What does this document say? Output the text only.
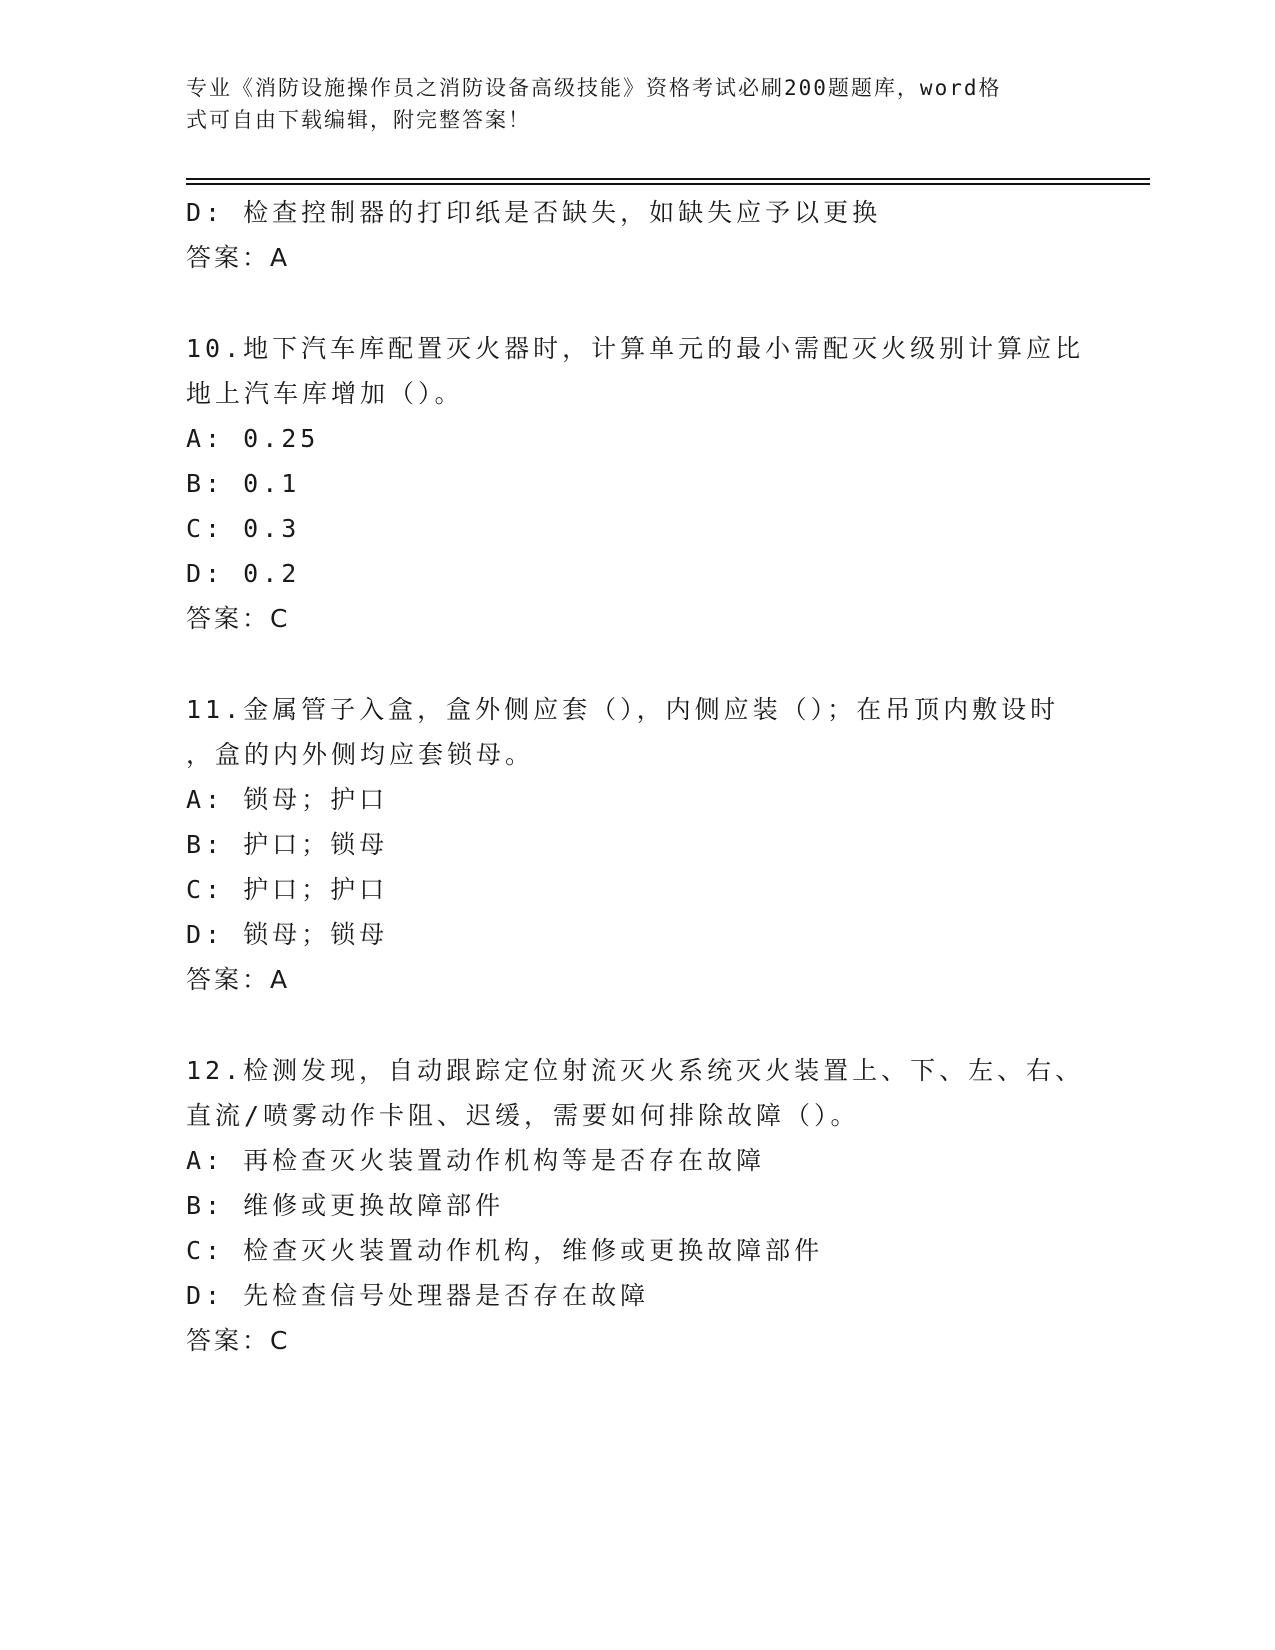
专业《消防设施操作员之消防设备高级技能》资格考试必刷200题题库，word格
式可自由下载编辑，附完整答案！
D: 检查控制器的打印纸是否缺失，如缺失应予以更换
答案：A
10.地下汽车库配置灭火器时，计算单元的最小需配灭火级别计算应比
地上汽车库增加（）。
A: 0.25
B: 0.1
C: 0.3
D: 0.2
答案：C
11.金属管子入盒，盒外侧应套（），内侧应装（）；在吊顶内敷设时
，盒的内外侧均应套锁母。
A: 锁母；护口
B: 护口；锁母
C: 护口；护口
D: 锁母；锁母
答案：A
12.检测发现，自动跟踪定位射流灭火系统灭火装置上、下、左、右、
直流/喷雾动作卡阻、迟缓，需要如何排除故障（）。
A: 再检查灭火装置动作机构等是否存在故障
B: 维修或更换故障部件
C: 检查灭火装置动作机构，维修或更换故障部件
D: 先检查信号处理器是否存在故障
答案：C
